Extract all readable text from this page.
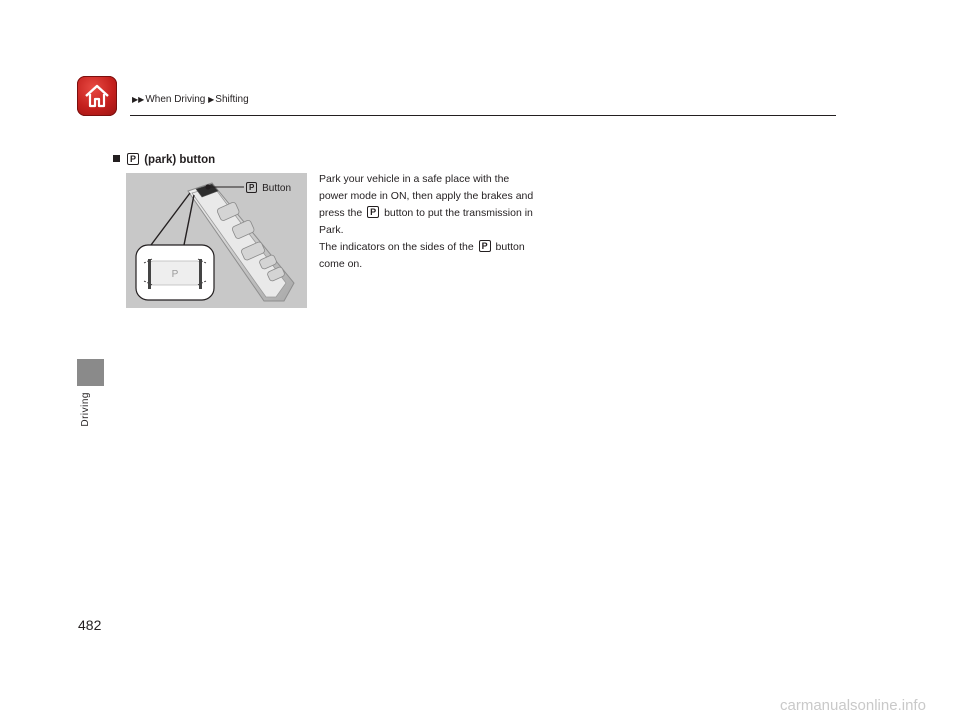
▶▶When Driving ▶Shifting
Driving
P (park) button
P
P Button

Park your vehicle in a safe place with the

power mode in ON, then apply the brakes and

press the P button to put the transmission in

Park.

The indicators on the sides of the P button

come on.

482
carmanualsonline.info
